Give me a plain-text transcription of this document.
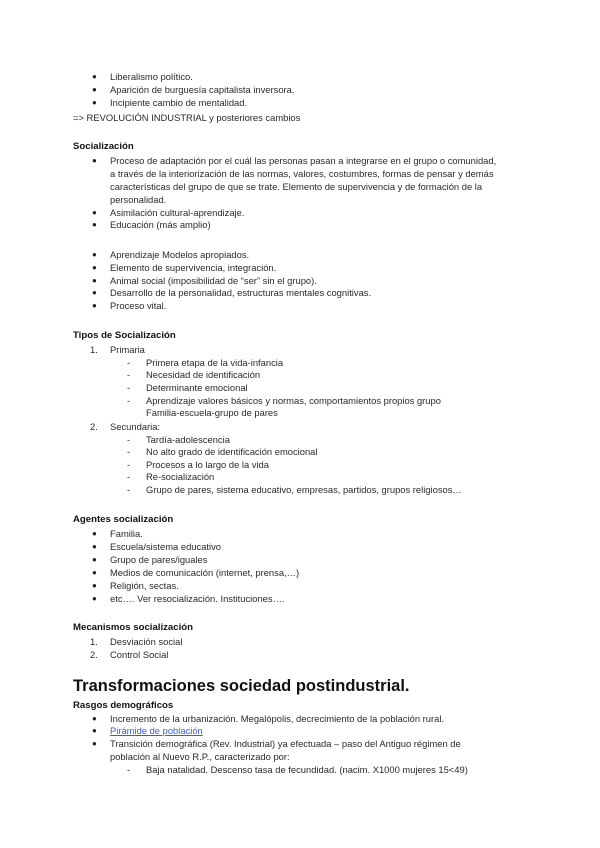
● Liberalismo político.
● Aparición de burguesía capitalista inversora.
● Incipiente cambio de mentalidad.
=> REVOLUCIÓN INDUSTRIAL y posteriores cambios
Socialización
● Proceso de adaptación por el cuál las personas pasan a integrarse en el grupo o comunidad,
a través de la interiorización de las normas, valores, costumbres, formas de pensar y demás
características del grupo de que se trate. Elemento de supervivencia y de formación de la
personalidad.
● Asimilación cultural-aprendizaje.
● Educación (más amplio)
● Aprendizaje Modelos apropiados.
● Elemento de supervivencia, integración.
● Animal social (imposibilidad de “ser” sin el grupo).
● Desarrollo de la personalidad, estructuras mentales cognitivas.
● Proceso vital.
Tipos de Socialización
1. Primaria
- Primera etapa de la vida-infancia
- Necesidad de identificación
- Determinante emocional
- Aprendizaje valores básicos y normas, comportamientos propios grupo
Familia-escuela-grupo de pares
2. Secundaria:
- Tardía-adolescencia
- No alto grado de identificación emocional
- Procesos a lo largo de la vida
- Re-socialización
- Grupo de pares, sistema educativo, empresas, partidos, grupos religiosos…
Agentes socialización
● Familia.
● Escuela/sistema educativo
● Grupo de pares/iguales
● Medios de comunicación (internet, prensa,…)
● Religión, sectas.
● etc…. Ver resocialización. Instituciones….
Mecanismos socialización
1. Desviación social
2. Control Social
Transformaciones sociedad postindustrial.
Rasgos demográficos
● Incremento de la urbanización. Megalópolis, decrecimiento de la población rural.
● Pirámide de población
● Transición demográfica (Rev. Industrial) ya efectuada – paso del Antiguo régimen de
población al Nuevo R.P., caracterizado por:
- Baja natalidad. Descenso tasa de fecundidad. (nacim. X1000 mujeres 15<49)
